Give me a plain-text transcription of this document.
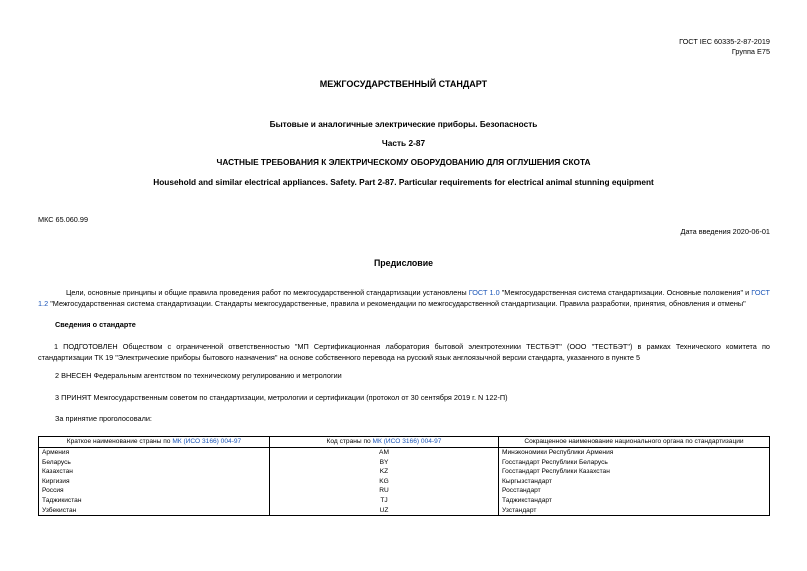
ГОСТ IEC 60335-2-87-2019
Группа Е75
МЕЖГОСУДАРСТВЕННЫЙ СТАНДАРТ
Бытовые и аналогичные электрические приборы. Безопасность
Часть 2-87
ЧАСТНЫЕ ТРЕБОВАНИЯ К ЭЛЕКТРИЧЕСКОМУ ОБОРУДОВАНИЮ ДЛЯ ОГЛУШЕНИЯ СКОТА
Household and similar electrical appliances. Safety. Part 2-87. Particular requirements for electrical animal stunning equipment
МКС 65.060.99
Дата введения 2020-06-01
Предисловие
Цели, основные принципы и общие правила проведения работ по межгосударственной стандартизации установлены ГОСТ 1.0 "Межгосударственная система стандартизации. Основные положения" и ГОСТ 1.2 "Межгосударственная система стандартизации. Стандарты межгосударственные, правила и рекомендации по межгосударственной стандартизации. Правила разработки, принятия, обновления и отмены"
Сведения о стандарте
1 ПОДГОТОВЛЕН Обществом с ограниченной ответственностью "МП Сертификационная лаборатория бытовой электротехники ТЕСТБЭТ" (ООО "ТЕСТБЭТ") в рамках Технического комитета по стандартизации ТК 19 "Электрические приборы бытового назначения" на основе собственного перевода на русский язык англоязычной версии стандарта, указанного в пункте 5
2 ВНЕСЕН Федеральным агентством по техническому регулированию и метрологии
3 ПРИНЯТ Межгосударственным советом по стандартизации, метрологии и сертификации (протокол от 30 сентября 2019 г. N 122-П)
За принятие проголосовали:
Краткое наименование страны по МК (ИСО 3166) 004-97	Код страны по МК (ИСО 3166) 004-97	Сокращенное наименование национального органа по стандартизации
Армения	AM	Минэкономики Республики Армения
Беларусь	BY	Госстандарт Республики Беларусь
Казахстан	KZ	Госстандарт Республики Казахстан
Киргизия	KG	Кыргызстандарт
Россия	RU	Росстандарт
Таджикистан	TJ	Таджикстандарт
Узбекистан	UZ	Узстандарт
